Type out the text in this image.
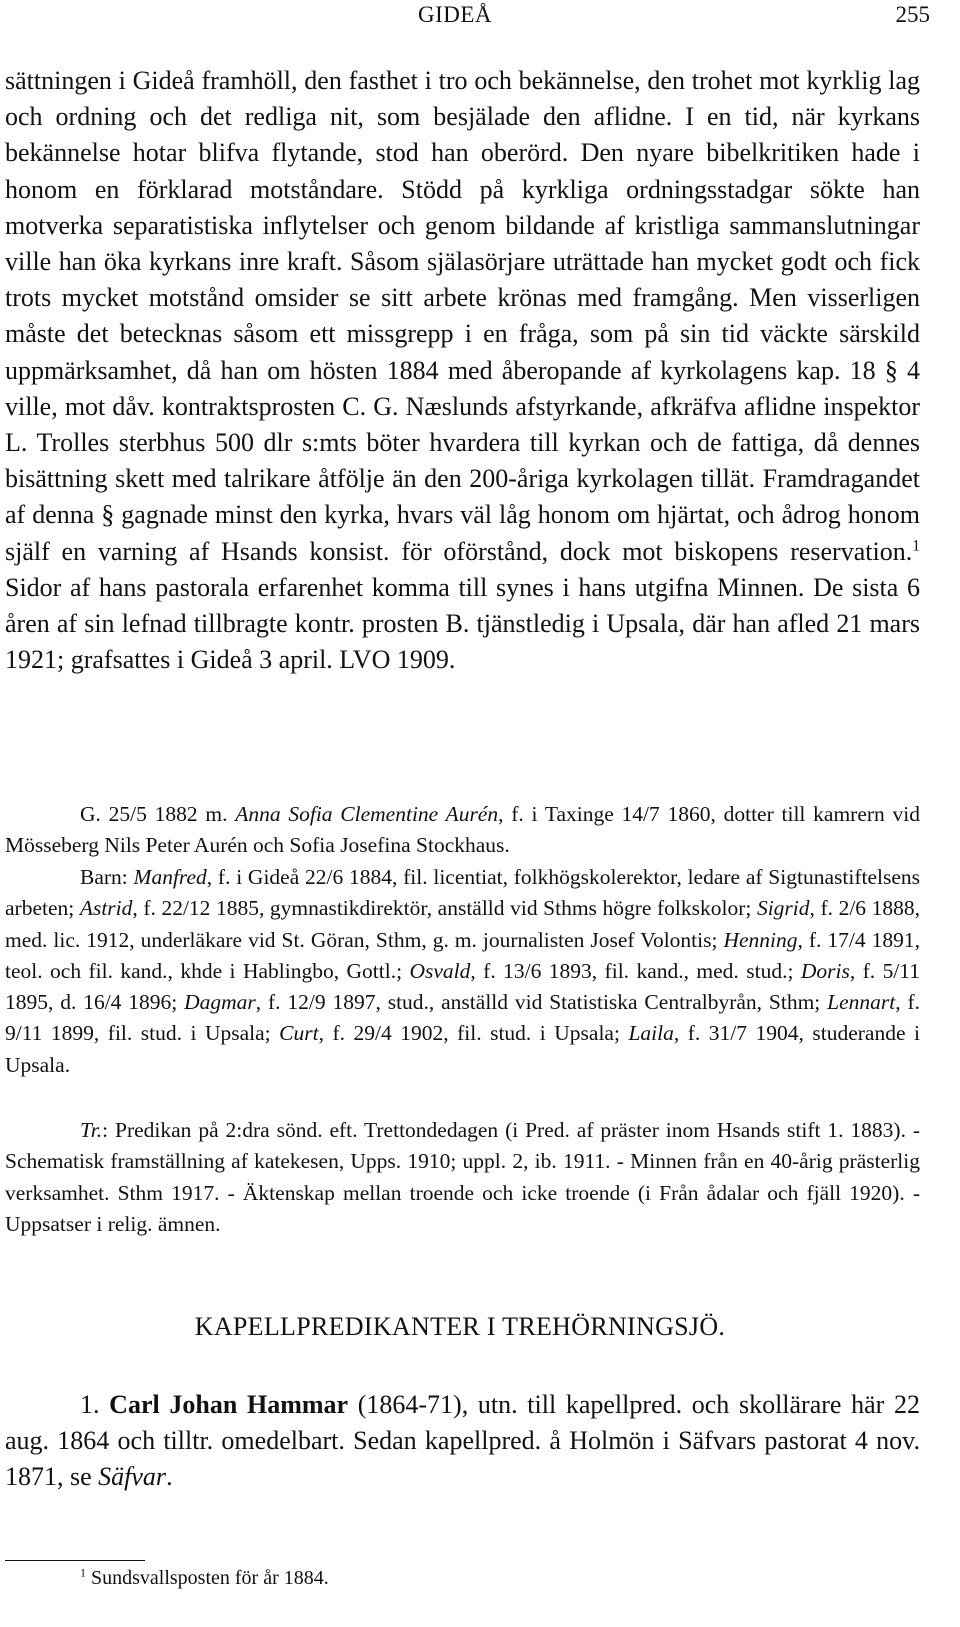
GIDEÅ	255
sättningen i Gideå framhöll, den fasthet i tro och bekännelse, den trohet mot kyrklig lag och ordning och det redliga nit, som besjälade den aflidne. I en tid, när kyrkans bekännelse hotar blifva flytande, stod han oberörd. Den nyare bibelkritiken hade i honom en förklarad motståndare. Stödd på kyrkliga ordningsstadgar sökte han motverka separatistiska inflytelser och genom bildande af kristliga sammanslutningar ville han öka kyrkans inre kraft. Såsom själasörjare uträttade han mycket godt och fick trots mycket motstånd omsider se sitt arbete krönas med framgång. Men visserligen måste det betecknas såsom ett missgrepp i en fråga, som på sin tid väckte särskild uppmärksamhet, då han om hösten 1884 med åberopande af kyrkolagens kap. 18 § 4 ville, mot dåv. kontraktsprosten C. G. Næslunds afstyrkande, afkräfva aflidne inspektor L. Trolles sterbhus 500 dlr s:mts böter hvardera till kyrkan och de fattiga, då dennes bisättning skett med talrikare åtfölje än den 200-åriga kyrkolagen tillät. Framdragandet af denna § gagnade minst den kyrka, hvars väl låg honom om hjärtat, och ådrog honom själf en varning af Hsands konsist. för oförstånd, dock mot biskopens reservation.$^1$ Sidor af hans pastorala erfarenhet komma till synes i hans utgifna Minnen. De sista 6 åren af sin lefnad tillbragte kontr. prosten B. tjänstledig i Upsala, där han afled 21 mars 1921; grafsattes i Gideå 3 april. LVO 1909.
G. 25/5 1882 m. Anna Sofia Clementine Aurén, f. i Taxinge 14/7 1860, dotter till kamrern vid Mösseberg Nils Peter Aurén och Sofia Josefina Stockhaus.
Barn: Manfred, f. i Gideå 22/6 1884, fil. licentiat, folkhögskolerektor, ledare af Sigtunastiftelsens arbeten; Astrid, f. 22/12 1885, gymnastikdirektör, anställd vid Sthms högre folkskolor; Sigrid, f. 2/6 1888, med. lic. 1912, underläkare vid St. Göran, Sthm, g. m. journalisten Josef Volontis; Henning, f. 17/4 1891, teol. och fil. kand., khde i Hablingbo, Gottl.; Osvald, f. 13/6 1893, fil. kand., med. stud.; Doris, f. 5/11 1895, d. 16/4 1896; Dagmar, f. 12/9 1897, stud., anställd vid Statistiska Centralbyrån, Sthm; Lennart, f. 9/11 1899, fil. stud. i Upsala; Curt, f. 29/4 1902, fil. stud. i Upsala; Laila, f. 31/7 1904, studerande i Upsala.
Tr.: Predikan på 2:dra sönd. eft. Trettondedagen (i Pred. af präster inom Hsands stift 1. 1883). - Schematisk framställning af katekesen, Upps. 1910; uppl. 2, ib. 1911. - Minnen från en 40-årig prästerlig verksamhet. Sthm 1917. - Äktenskap mellan troende och icke troende (i Från ådalar och fjäll 1920). - Uppsatser i relig. ämnen.
KAPELLPREDIKANTER I TREHÖRNINGSJÖ.
1. Carl Johan Hammar (1864-71), utn. till kapellpred. och skollärare här 22 aug. 1864 och tilltr. omedelbart. Sedan kapellpred. å Holmön i Säfvars pastorat 4 nov. 1871, se Säfvar.
$^1$ Sundsvallsposten för år 1884.
